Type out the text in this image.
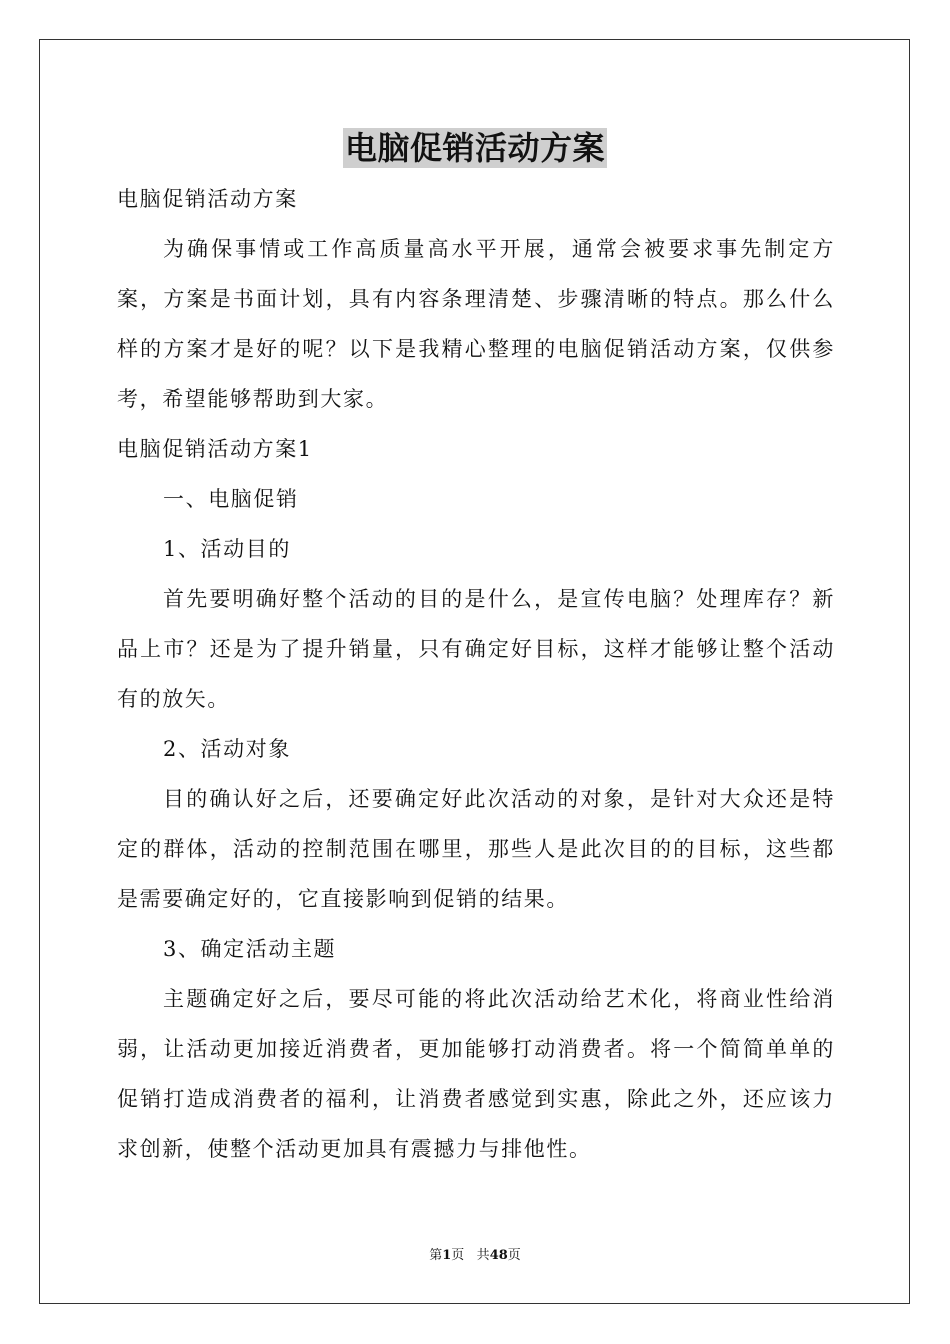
电脑促销活动方案

电脑促销活动方案

为确保事情或工作高质量高水平开展，通常会被要求事先制定方案，方案是书面计划，具有内容条理清楚、步骤清晰的特点。那么什么样的方案才是好的呢？以下是我精心整理的电脑促销活动方案，仅供参考，希望能够帮助到大家。

电脑促销活动方案1

一、电脑促销

1、活动目的

首先要明确好整个活动的目的是什么，是宣传电脑？处理库存？新品上市？还是为了提升销量，只有确定好目标，这样才能够让整个活动有的放矢。

2、活动对象

目的确认好之后，还要确定好此次活动的对象，是针对大众还是特定的群体，活动的控制范围在哪里，那些人是此次目的的目标，这些都是需要确定好的，它直接影响到促销的结果。

3、确定活动主题

主题确定好之后，要尽可能的将此次活动给艺术化，将商业性给消弱，让活动更加接近消费者，更加能够打动消费者。将一个简简单单的促销打造成消费者的福利，让消费者感觉到实惠，除此之外，还应该力求创新，使整个活动更加具有震撼力与排他性。

第1页 共48页
